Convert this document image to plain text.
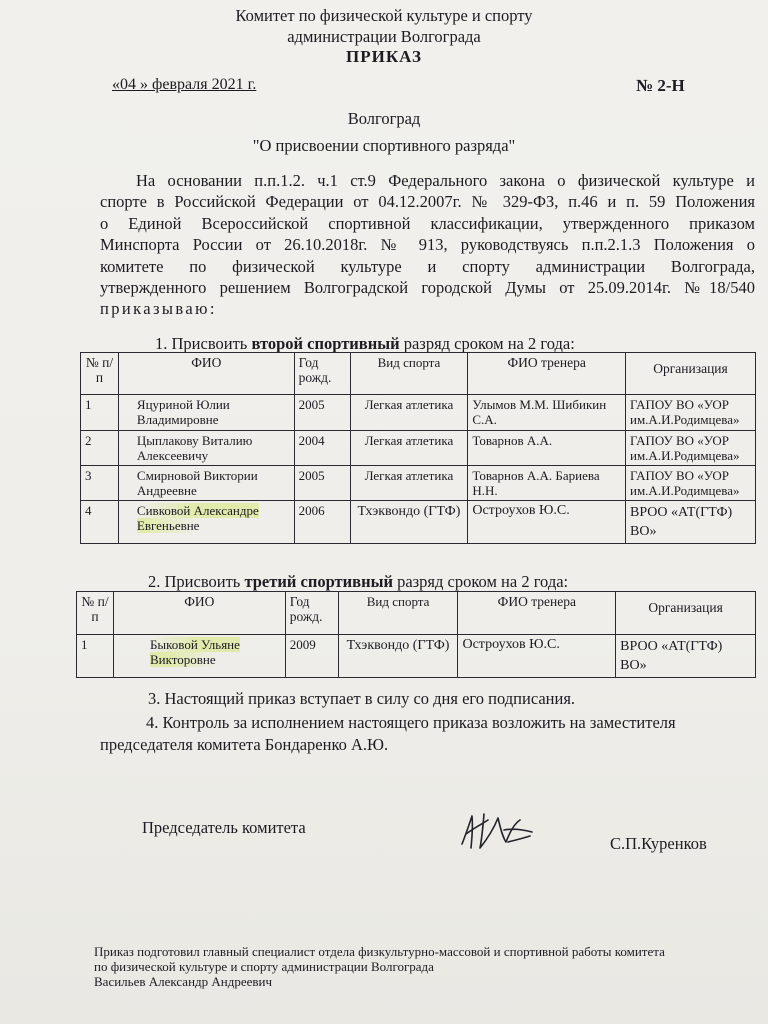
Комитет по физической культуре и спорту
администрации Волгограда
ПРИКАЗ
«04 » февраля 2021 г.	№ 2-Н
Волгоград
"О присвоении спортивного разряда"
На основании п.п.1.2. ч.1 ст.9 Федерального закона о физической культуре и
спорте в Российской Федерации от 04.12.2007г. № 329-ФЗ, п.46 и п. 59 Положения
о Единой Всероссийской спортивной классификации, утвержденного приказом
Минспорта России от 26.10.2018г. № 913, руководствуясь п.п.2.1.3 Положения о
комитете по физической культуре и спорту администрации Волгограда,
утвержденного решением Волгоградской городской Думы от 25.09.2014г. №18/540
приказываю:
1. Присвоить второй спортивный разряд сроком на 2 года:
№ п/п	ФИО	Год рожд.	Вид спорта	ФИО тренера	Организация
1	Яцуриной Юлии Владимировне	2005	Легкая атлетика	Улымов М.М. Шибикин С.А.	ГАПОУ ВО «УОР им.А.И.Родимцева»
2	Цыплакову Виталию Алексеевичу	2004	Легкая атлетика	Товарнов А.А.	ГАПОУ ВО «УОР им.А.И.Родимцева»
3	Смирновой Виктории Андреевне	2005	Легкая атлетика	Товарнов А.А. Бариева Н.Н.	ГАПОУ ВО «УОР им.А.И.Родимцева»
4	Сивковой Александре Евгеньевне	2006	Тхэквондо (ГТФ)	Остроухов Ю.С.	ВРОО «АТ(ГТФ) ВО»
2. Присвоить третий спортивный разряд сроком на 2 года:
№ п/п	ФИО	Год рожд.	Вид спорта	ФИО тренера	Организация
1	Быковой Ульяне Викторовне	2009	Тхэквондо (ГТФ)	Остроухов Ю.С.	ВРОО «АТ(ГТФ) ВО»
3. Настоящий приказ вступает в силу со дня его подписания.
4. Контроль за исполнением настоящего приказа возложить на заместителя
председателя комитета Бондаренко А.Ю.
Председатель комитета
С.П.Куренков
Приказ подготовил главный специалист отдела физкультурно-массовой и спортивной работы комитета
по физической культуре и спорту администрации Волгограда
Васильев Александр Андреевич
